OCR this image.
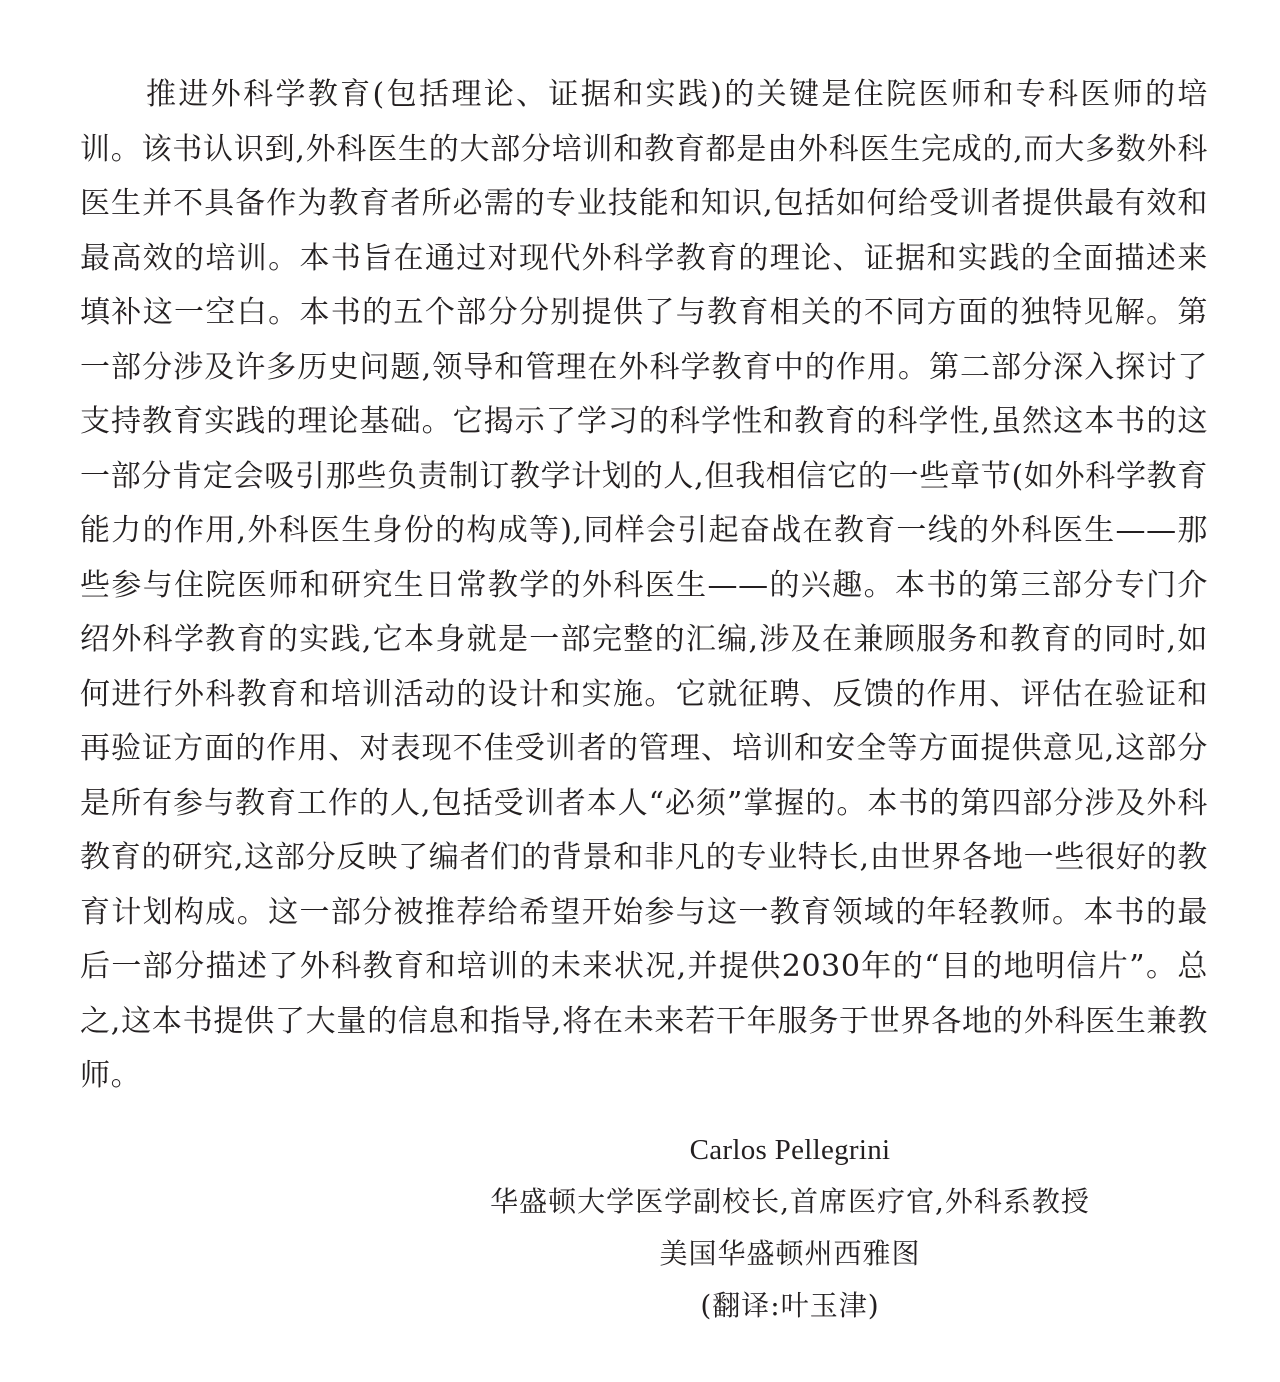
推进外科学教育(包括理论、证据和实践)的关键是住院医师和专科医师的培训。该书认识到,外科医生的大部分培训和教育都是由外科医生完成的,而大多数外科医生并不具备作为教育者所必需的专业技能和知识,包括如何给受训者提供最有效和最高效的培训。本书旨在通过对现代外科学教育的理论、证据和实践的全面描述来填补这一空白。本书的五个部分分别提供了与教育相关的不同方面的独特见解。第一部分涉及许多历史问题,领导和管理在外科学教育中的作用。第二部分深入探讨了支持教育实践的理论基础。它揭示了学习的科学性和教育的科学性,虽然这本书的这一部分肯定会吸引那些负责制订教学计划的人,但我相信它的一些章节(如外科学教育能力的作用,外科医生身份的构成等),同样会引起奋战在教育一线的外科医生——那些参与住院医师和研究生日常教学的外科医生——的兴趣。本书的第三部分专门介绍外科学教育的实践,它本身就是一部完整的汇编,涉及在兼顾服务和教育的同时,如何进行外科教育和培训活动的设计和实施。它就征聘、反馈的作用、评估在验证和再验证方面的作用、对表现不佳受训者的管理、培训和安全等方面提供意见,这部分是所有参与教育工作的人,包括受训者本人“必须”掌握的。本书的第四部分涉及外科教育的研究,这部分反映了编者们的背景和非凡的专业特长,由世界各地一些很好的教育计划构成。这一部分被推荐给希望开始参与这一教育领域的年轻教师。本书的最后一部分描述了外科教育和培训的未来状况,并提供2030年的“目的地明信片”。总之,这本书提供了大量的信息和指导,将在未来若干年服务于世界各地的外科医生兼教师。

Carlos Pellegrini
华盛顿大学医学副校长,首席医疗官,外科系教授
美国华盛顿州西雅图
(翻译:叶玉津)
